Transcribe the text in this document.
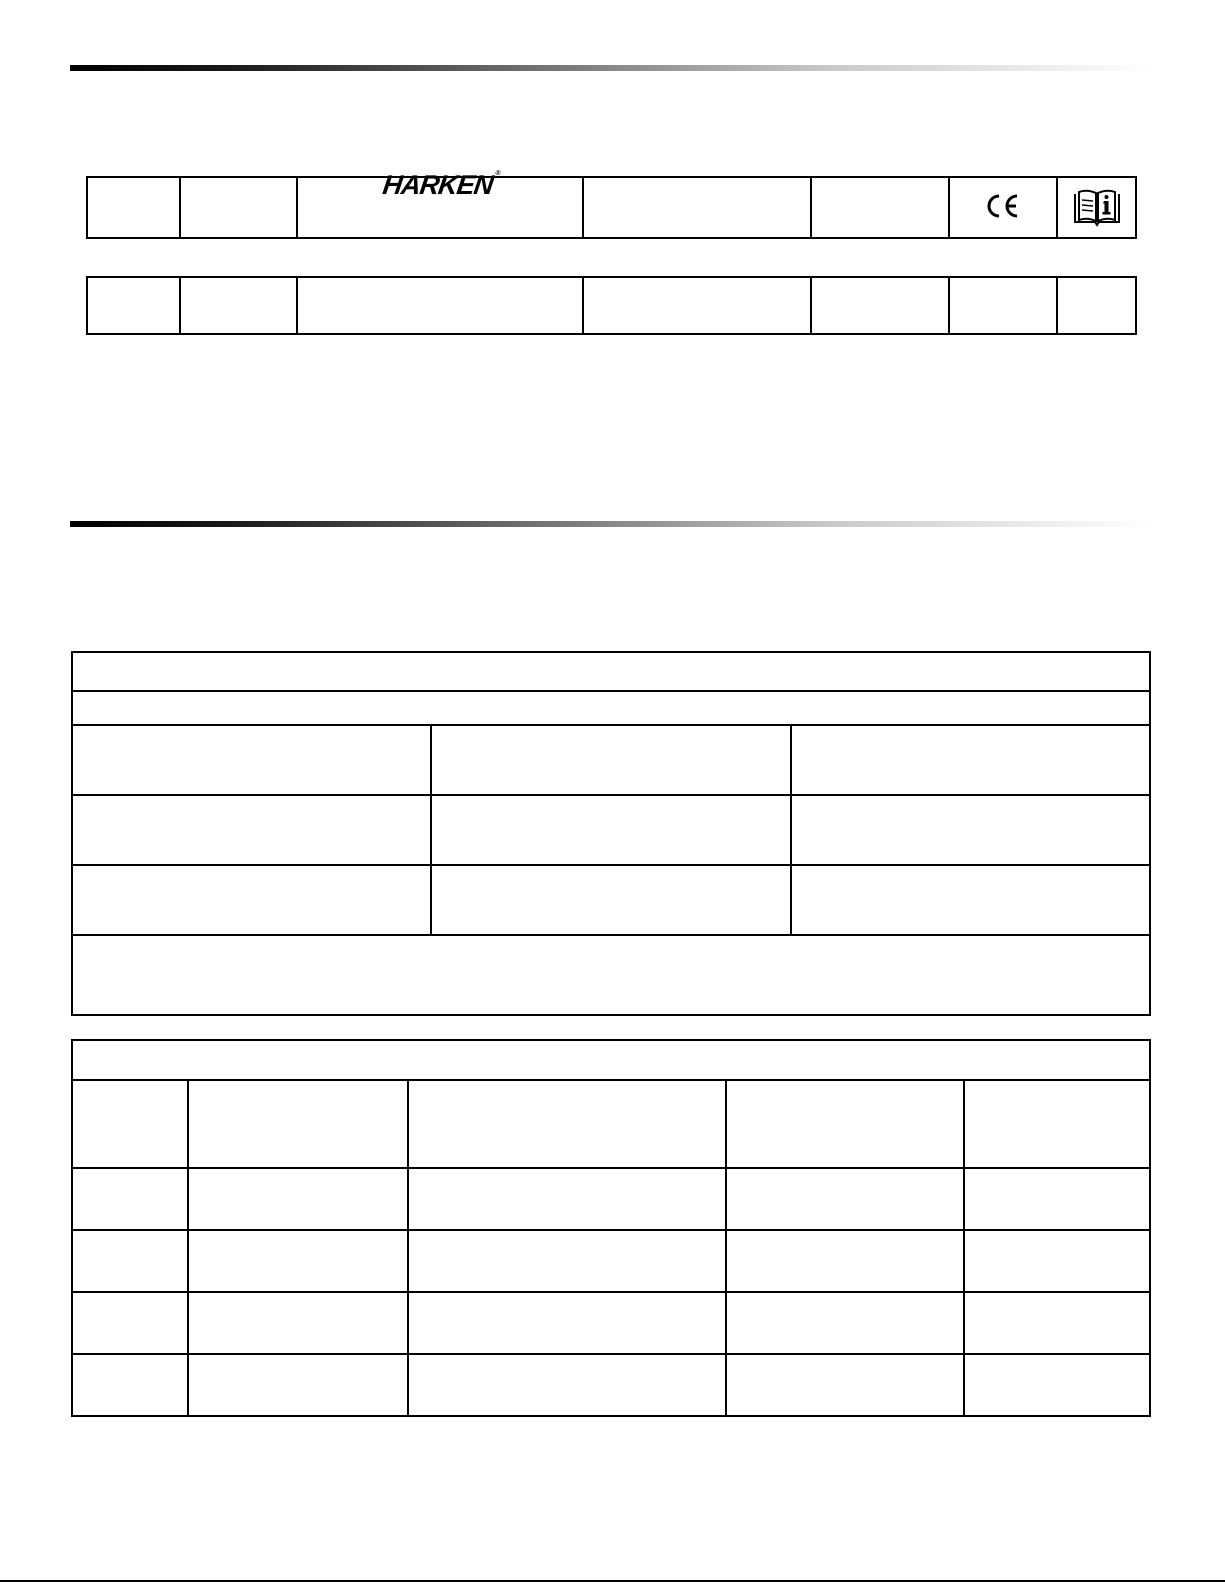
		HARKEN®				
